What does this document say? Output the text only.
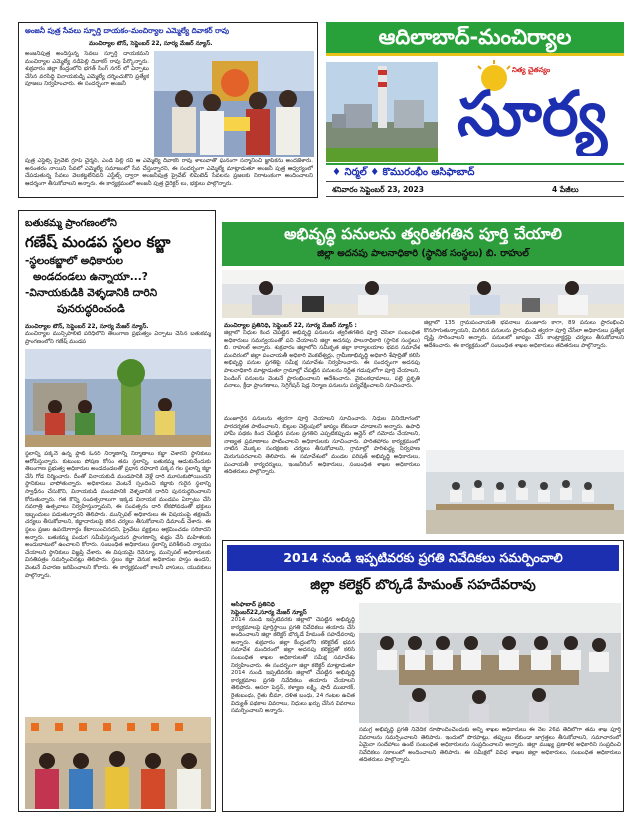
అంజనీ పుత్ర సేవలు స్ఫూర్తి దాయకం-మంచిర్యాల ఎమ్మెల్యే దివాకర్ రావు
మంచిర్యాల టౌన్, సెప్టెంబర్ 22, సూర్య మేజర్ న్యూస్.
అంజనీపుత్ర అందిస్తున్న సేవలు స్ఫూర్తి దాయకమని మంచిర్యాల ఎమ్మెల్యే నడిపెల్లి దివాకర్ రావు పేర్కొన్నారు. శుక్రవారం జిల్లా కేంద్రంలోని భగత్ సింగ్ నగర్ లో ఏర్పాటు చేసిన వరసిద్ధి వినాయకుడ్ని ఎమ్మెల్యే దర్శించుకొని ప్రత్యేక పూజలు నిర్వహించారు. ఈ సందర్భంగా అంజనీ
పుత్ర ఎస్టేట్స్ ప్రైవేట్ గ్రూప్ చైర్మన్, ఎండీ పిల్లి రవి ఆ ఎమ్మెల్యే దివాకర్ రావు శాలువాతో ఘనంగా సన్మానించి జ్ఞాపికను అందజేశారు. అనంతరం నాయిని సేవలో ఎమ్మెల్యే సమాజంలో సేవ చేస్తున్నారని, ఈ సందర్భంగా ఎమ్మెల్యే మాట్లాడుతూ అంజనీ పుత్ర ఆధ్వర్యంలో చేపడుతున్న సేవలు వెలకట్టలేనివని ఎస్టేట్స్ ద్వారా అంజనీపుత్ర ప్రైవేట్ లిమిటెడ్ సేవలను ప్రజలకు నిరాటంకంగా అందించాలని ఆదర్శంగా తీసుకోవాలని అన్నారు. ఈ కార్యక్రమంలో అంజనీ పుత్ర డైరెక్టర్ లు, భక్తులు పాల్గొన్నారు.
ఆదిలాబాద్-మంచిర్యాల
నిత్య చైతన్యం
సూర్య
♦ నిర్మల్ ♦ కొమురంభీం ఆసిఫాబాద్
శనివారం సెప్టెంబర్ 23, 2023	4 పేజీలు
బతుకమ్మ ప్రాంగణంలోని
గణేష్ మండప స్థలం కబ్జా
-స్థలంకబ్జాలో అధికారుల
అండదండలు ఉన్నాయా...?
-వినాయకుడికి వెళ్ళడానికి దారిని
పునరుద్ధరించండి
మంచిర్యాల టౌన్, సెప్టెంబర్ 22, సూర్య మేజర్ న్యూస్.
మంచిర్యాల మున్సిపాలిటీ పరిధిలోని తెలంగాణ ప్రభుత్వం ఏర్పాటు చేసిన బతుకమ్మ ప్రాంగణంలోని గణేష్ మండప
స్థలాన్ని పక్కనే ఉన్న ఫ్లాట్ ఓనర్ నిర్మాణాన్ని నిర్మాణాలు కబ్జా చేశారని స్థానికులు ఆరోపిస్తున్నారు. కుటుంబ పోషణ కోసం తమ స్థలాన్ని, బతుకమ్మ ఆడుకునేందుకు తెలంగాణ ప్రభుత్వ అధికారుల అండదండలతో ప్రధాన రహదారి పక్కన గల స్థలాన్ని కబ్జా చేసి గోడ నిర్మించారు. దీంతో వినాయకుడి మండపానికి వెళ్లే దారి మూసుకుపోయిందని స్థానికులు వాపోతున్నారు. అధికారులు వెంటనే స్పందించి కబ్జాకు గురైన స్థలాన్ని స్వాధీనం చేసుకొని, వినాయకుడి మండపానికి వెళ్ళడానికి దారిని పునరుద్ధరించాలని కోరుతున్నారు. గత కొన్ని సంవత్సరాలుగా ఇక్కడ వినాయక మండపం ఏర్పాటు చేసి నవరాత్రి ఉత్సవాలు నిర్వహిస్తున్నామని, ఈ సంవత్సరం దారి లేకపోవడంతో భక్తులు ఇబ్బందులు పడుతున్నారని తెలిపారు. మున్సిపల్ అధికారులు ఈ విషయంపై తక్షణమే చర్యలు తీసుకోవాలని, కబ్జాదారులపై కఠిన చర్యలు తీసుకోవాలని డిమాండ్ చేశారు. ఈ స్థలం ప్రజల ఉపయోగార్థం కేటాయించినదని, ప్రైవేటు వ్యక్తులు ఆక్రమించడం సరికాదని అన్నారు. బతుకమ్మ పండుగ సమీపిస్తున్నందున ప్రాంగణాన్ని శుభ్రం చేసి మహిళలకు అందుబాటులో ఉంచాలని కోరారు. సంబంధిత అధికారులు స్థలాన్ని పరిశీలించి న్యాయం చేయాలని స్థానికులు విజ్ఞప్తి చేశారు. ఈ విషయమై రెవెన్యూ, మున్సిపల్ అధికారులకు వినతిపత్రం సమర్పించినట్లు తెలిపారు. స్థలం కబ్జా వెనుక అధికారుల హస్తం ఉందని, వెంటనే విచారణ జరిపించాలని కోరారు. ఈ కార్యక్రమంలో కాలనీ వాసులు, యువకులు పాల్గొన్నారు.
అభివృద్ధి పనులను త్వరితగతిన పూర్తి చేయాలి
జిల్లా అదనపు పాలనాధికారి (స్థానిక సంస్థలు) బి. రాహుల్
మంచిర్యాల ప్రతినిధి, సెప్టెంబర్ 22, సూర్య మేజర్ న్యూస్ :
జిల్లాలో నిధుల కింద చేపట్టిన అభివృద్ధి పనులను త్వరితగతిన పూర్తి చేసేలా సంబంధిత అధికారులు సమన్వయంతో పని చేయాలని జిల్లా అదనపు పాలనాధికారి (స్థానిక సంస్థలు) బి. రాహుల్ అన్నారు. శుక్రవారం జిల్లాలోని సమీకృత జిల్లా కార్యాలయాల భవన సమావేశ మందిరంలో జిల్లా పంచాయతీ అధికారి వెంకటేశ్వర్లు, గ్రామీణాభివృద్ధి అధికారి శేషాద్రితో కలిసి అభివృద్ధి పనుల ప్రగతిపై సమీక్ష సమావేశం నిర్వహించారు. ఈ సందర్భంగా అదనపు పాలనాధికారి మాట్లాడుతూ గ్రామాల్లో చేపట్టిన పనులను నిర్ణీత గడువులోగా పూర్తి చేయాలని, పెండింగ్ పనులను వెంటనే ప్రారంభించాలని ఆదేశించారు. వైకుంఠధామాలు, పల్లె ప్రకృతి వనాలు, క్రీడా ప్రాంగణాలు, సెగ్రిగేషన్ షెడ్ల నిర్మాణ పనులను పర్యవేక్షించాలని సూచించారు.
మంజూరైన పనులను త్వరగా పూర్తి చేయాలని సూచించారు. నిధుల వినియోగంలో పారదర్శకత పాటించాలని, బిల్లుల చెల్లింపులో జాప్యం లేకుండా చూడాలని అన్నారు. ఉపాధి హామీ పథకం కింద చేపట్టిన పనుల ప్రగతిని ఎప్పటికప్పుడు ఆన్లైన్ లో నమోదు చేయాలని, నాణ్యత ప్రమాణాలు పాటించాలని అధికారులకు సూచించారు. హరితహారం కార్యక్రమంలో నాటిన మొక్కల సంరక్షణకు చర్యలు తీసుకోవాలని, గ్రామాల్లో పారిశుద్ధ్య నిర్వహణ మెరుగుపరచాలని తెలిపారు. ఈ సమావేశంలో మండల పరిషత్ అభివృద్ధి అధికారులు, పంచాయతీ కార్యదర్శులు, ఇంజనీరింగ్ అధికారులు, సంబంధిత శాఖల అధికారులు తదితరులు పాల్గొన్నారు.
జిల్లాలో 135 గ్రామపంచాయతీ భవనాలు మంజూరు కాగా, 89 పనులు ప్రారంభించి కొనసాగుతున్నాయని, మిగిలిన పనులను ప్రారంభించి త్వరగా పూర్తి చేసేలా అధికారులు ప్రత్యేక దృష్టి సారించాలని అన్నారు. పనులలో జాప్యం చేసే కాంట్రాక్టర్లపై చర్యలు తీసుకోవాలని ఆదేశించారు. ఈ కార్యక్రమంలో సంబంధిత శాఖల అధికారులు తదితరులు పాల్గొన్నారు.
2014 నుండి ఇప్పటివరకు ప్రగతి నివేదికలు సమర్పించాలి
జిల్లా కలెక్టర్ బొర్కడే హేమంత్ సహదేవరావు
ఆసిఫాబాద్ ప్రతినిధి
సెప్టెంబర్22,సూర్య మేజర్ న్యూస్
2014 నుండి ఇప్పటివరకు జిల్లాలో చేపట్టిన అభివృద్ధి కార్యక్రమాలపై పూర్తిస్థాయి ప్రగతి నివేదికలు తయారు చేసి అందించాలని జిల్లా కలెక్టర్ బొర్కడే హేమంత్ సహదేవరావు అన్నారు. శుక్రవారం జిల్లా కేంద్రంలోని కలెక్టరేట్ భవన సమావేశ మందిరంలో జిల్లా అదనపు కలెక్టర్లతో కలిసి సంబంధిత శాఖల అధికారులతో సమీక్ష సమావేశం నిర్వహించారు. ఈ సందర్భంగా జిల్లా కలెక్టర్ మాట్లాడుతూ 2014 నుండి ఇప్పటివరకు జిల్లాలో చేపట్టిన అభివృద్ధి కార్యక్రమాల ప్రగతి నివేదికలు తయారు చేయాలని తెలిపారు. ఆసరా పెన్షన్, కళ్యాణ లక్ష్మి, షాదీ ముబారక్, రైతుబంధు, రైతు బీమా, దళిత బంధు, 24 గంటల ఉచిత విద్యుత్ పథకాల వివరాలు, నిధులు ఖర్చు చేసిన వివరాలు సమర్పించాలని అన్నారు.
సమగ్ర అభివృద్ధి ప్రగతి నివేదిక రూపొందించేందుకు అన్ని శాఖల అధికారులు ఈ నెల 26వ తేదీలోగా తమ శాఖ పూర్తి వివరాలను సమర్పించాలని తెలిపారు. ఇందులో పొరపాట్లు, తప్పులు లేకుండా జాగ్రత్తలు తీసుకోవాలని, సమాచారంలో ఏమైనా సందేహాలు ఉంటే సంబంధిత అధికారులను సంప్రదించాలని అన్నారు. జిల్లా ముఖ్య ప్రణాళిక అధికారిని సంప్రదించి నివేదికలు సకాలంలో అందించాలని తెలిపారు. ఈ సమీక్షలో వివిధ శాఖల జిల్లా అధికారులు, సంబంధిత అధికారులు తదితరులు పాల్గొన్నారు.
